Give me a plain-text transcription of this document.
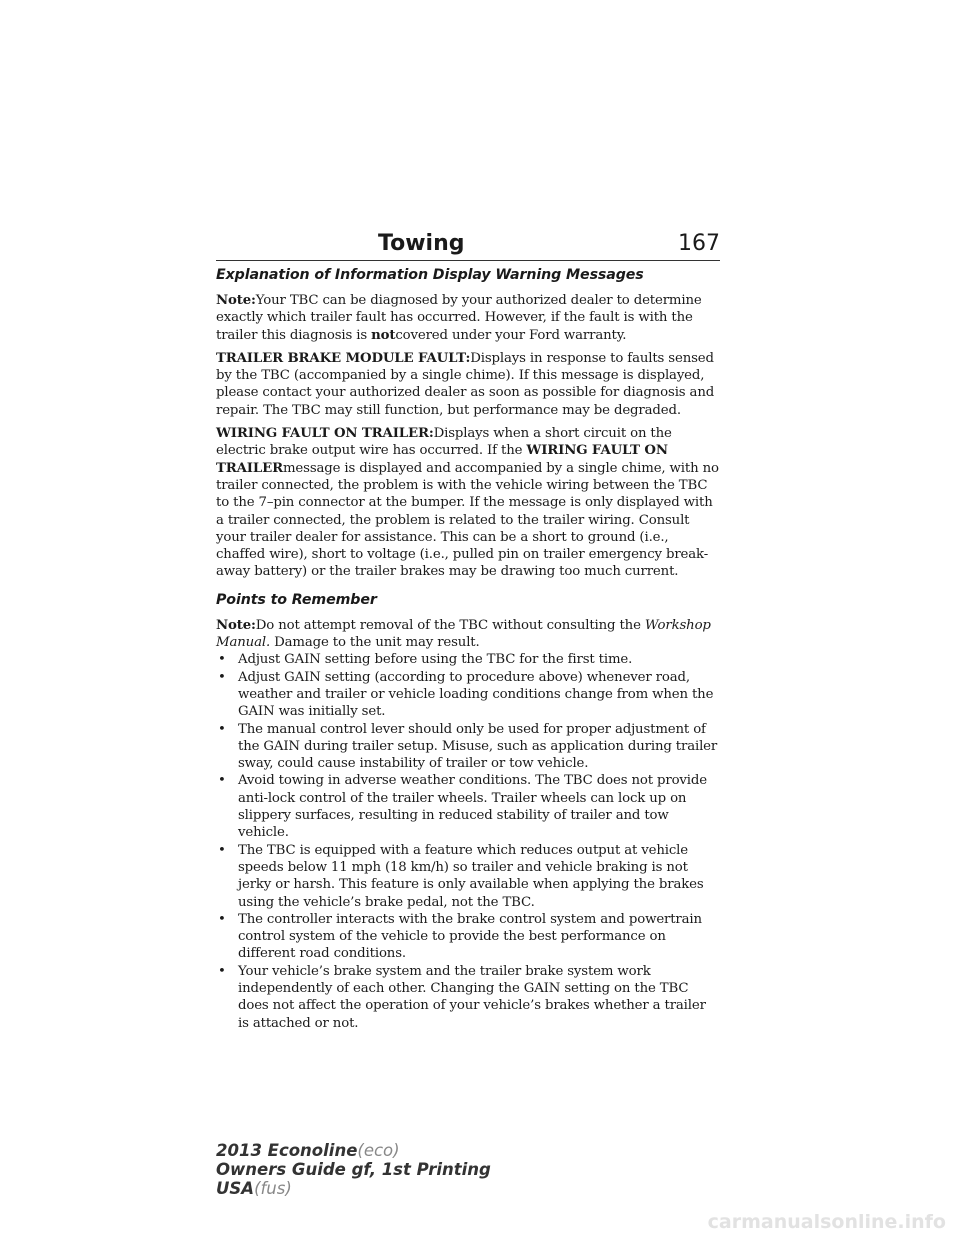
Towing	167
Explanation of Information Display Warning Messages

Note:Your TBC can be diagnosed by your authorized dealer to determine exactly which trailer fault has occurred. However, if the fault is with the trailer this diagnosis is notcovered under your Ford warranty.

TRAILER BRAKE MODULE FAULT:Displays in response to faults sensed by the TBC (accompanied by a single chime). If this message is displayed, please contact your authorized dealer as soon as possible for diagnosis and repair. The TBC may still function, but performance may be degraded.

WIRING FAULT ON TRAILER:Displays when a short circuit on the electric brake output wire has occurred. If the WIRING FAULT ON TRAILERmessage is displayed and accompanied by a single chime, with no trailer connected, the problem is with the vehicle wiring between the TBC to the 7–pin connector at the bumper. If the message is only displayed with a trailer connected, the problem is related to the trailer wiring. Consult your trailer dealer for assistance. This can be a short to ground (i.e., chaffed wire), short to voltage (i.e., pulled pin on trailer emergency break-away battery) or the trailer brakes may be drawing too much current.

Points to Remember

Note:Do not attempt removal of the TBC without consulting the Workshop Manual. Damage to the unit may result.

• Adjust GAIN setting before using the TBC for the first time.
• Adjust GAIN setting (according to procedure above) whenever road, weather and trailer or vehicle loading conditions change from when the GAIN was initially set.
• The manual control lever should only be used for proper adjustment of the GAIN during trailer setup. Misuse, such as application during trailer sway, could cause instability of trailer or tow vehicle.
• Avoid towing in adverse weather conditions. The TBC does not provide anti-lock control of the trailer wheels. Trailer wheels can lock up on slippery surfaces, resulting in reduced stability of trailer and tow vehicle.
• The TBC is equipped with a feature which reduces output at vehicle speeds below 11 mph (18 km/h) so trailer and vehicle braking is not jerky or harsh. This feature is only available when applying the brakes using the vehicle’s brake pedal, not the TBC.
• The controller interacts with the brake control system and powertrain control system of the vehicle to provide the best performance on different road conditions.
• Your vehicle’s brake system and the trailer brake system work independently of each other. Changing the GAIN setting on the TBC does not affect the operation of your vehicle’s brakes whether a trailer is attached or not.
2013 Econoline(eco)
Owners Guide gf, 1st Printing
USA(fus)
carmanualsonline.info
